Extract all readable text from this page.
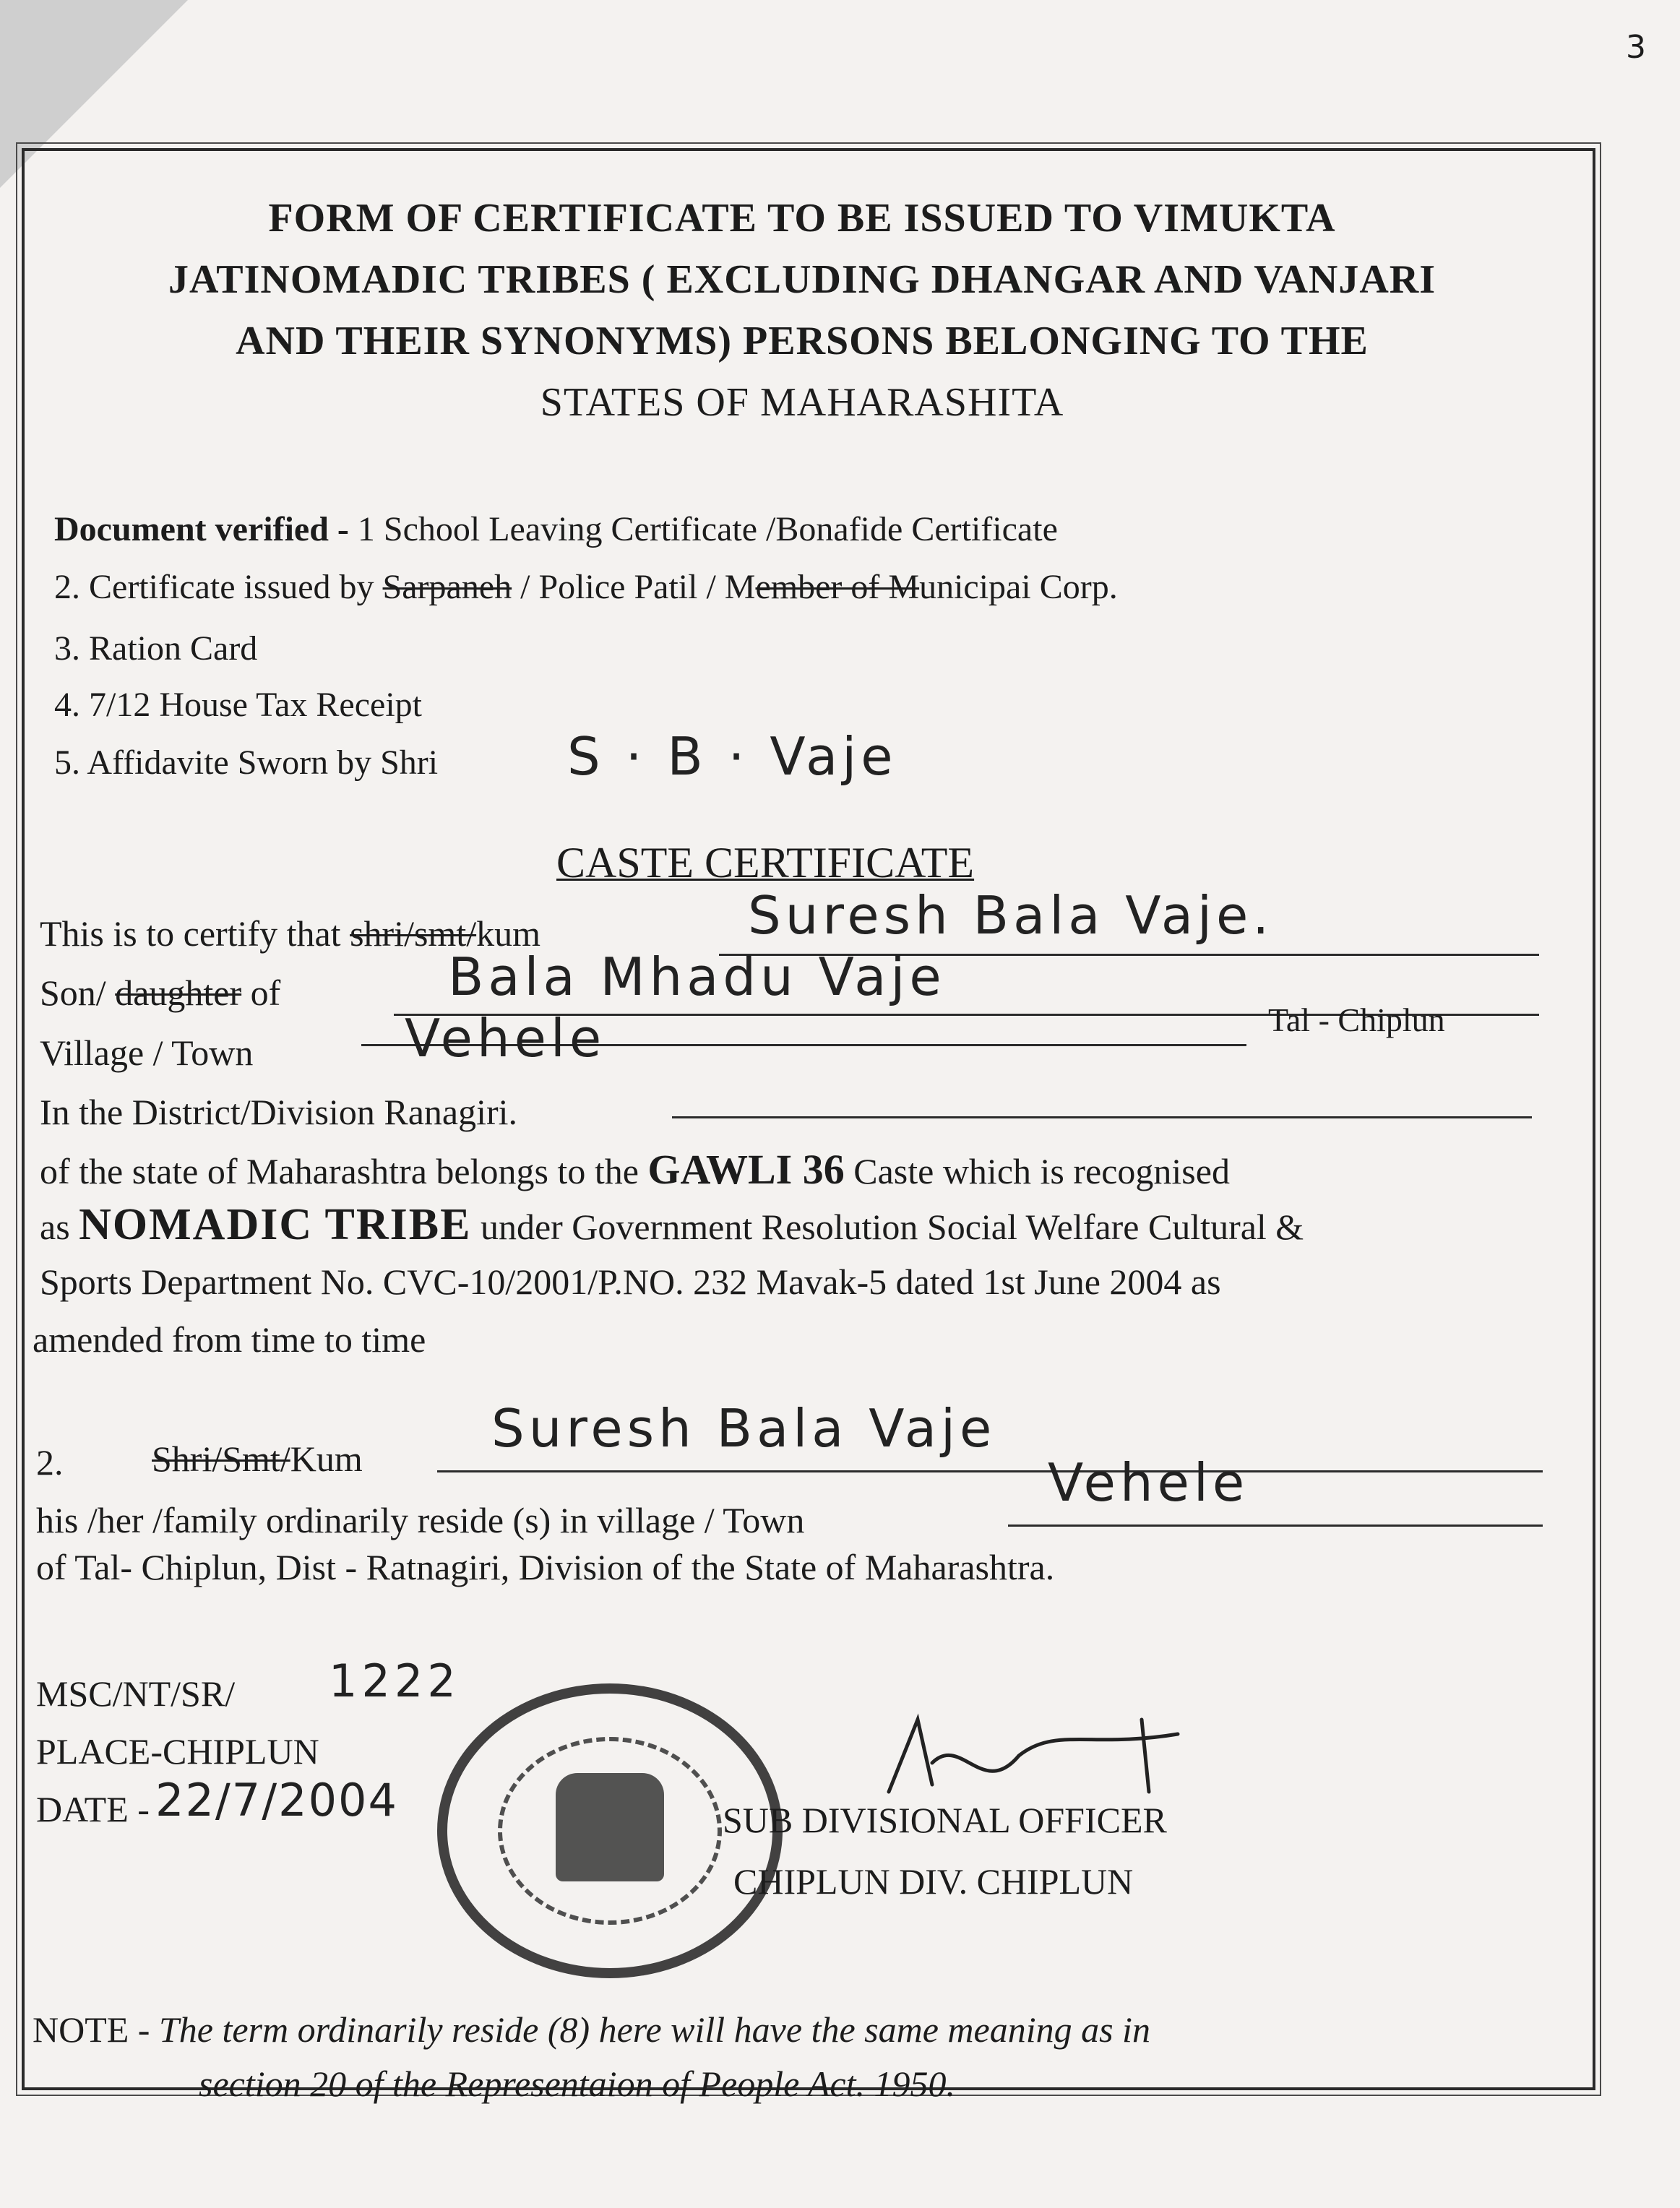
3
FORM OF CERTIFICATE TO BE ISSUED TO VIMUKTA
JATINOMADIC TRIBES ( EXCLUDING DHANGAR AND VANJARI
AND THEIR SYNONYMS) PERSONS BELONGING TO THE
STATES OF MAHARASHITA
Document verified - 1 School Leaving Certificate /Bonafide Certificate
2. Certificate issued by Sarpaneh / Police Patil / Member of Municipai Corp.
3. Ration Card
4. 7/12 House Tax Receipt
5. Affidavite Sworn by Shri S · B · Vaje
CASTE CERTIFICATE
This is to certify that shri/smt/kum	Suresh Bala Vaje.
Son/ daughter of	Bala Mhadu Vaje
Village / Town	Vehele	Tal - Chiplun
In the District/Division Ranagiri.
of the state of Maharashtra belongs to the GAWLI 36 Caste which is recognised
as NOMADIC TRIBE under Government Resolution Social Welfare Cultural &
Sports Department No. CVC-10/2001/P.NO. 232 Mavak-5 dated 1st June 2004 as
amended from time to time
2. Shri/Smt/Kum Suresh Bala Vaje
his /her /family ordinarily reside (s) in village / Town
Vehele
of Tal- Chiplun, Dist - Ratnagiri, Division of the State of Maharashtra.
MSC/NT/SR/ 1222
PLACE-CHIPLUN
DATE - 22/7/2004	SUB DIVISIONAL OFFICER
CHIPLUN DIV. CHIPLUN
NOTE - The term ordinarily reside (8) here will have the same meaning as in
section 20 of the Representaion of People Act. 1950.
